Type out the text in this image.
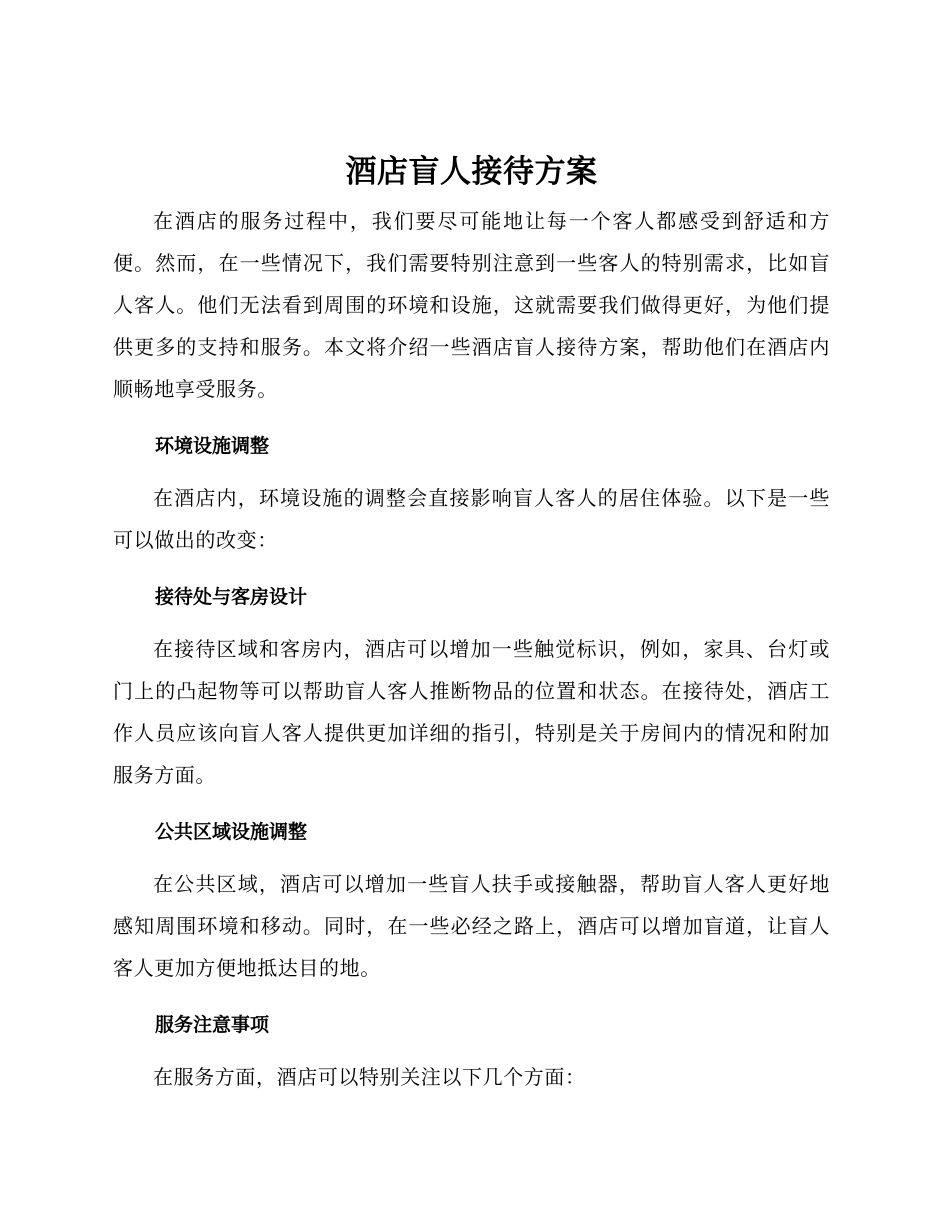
酒店盲人接待方案

在酒店的服务过程中，我们要尽可能地让每一个客人都感受到舒适和方便。然而，在一些情况下，我们需要特别注意到一些客人的特别需求，比如盲人客人。他们无法看到周围的环境和设施，这就需要我们做得更好，为他们提供更多的支持和服务。本文将介绍一些酒店盲人接待方案，帮助他们在酒店内顺畅地享受服务。

环境设施调整

在酒店内，环境设施的调整会直接影响盲人客人的居住体验。以下是一些可以做出的改变：

接待处与客房设计

在接待区域和客房内，酒店可以增加一些触觉标识，例如，家具、台灯或门上的凸起物等可以帮助盲人客人推断物品的位置和状态。在接待处，酒店工作人员应该向盲人客人提供更加详细的指引，特别是关于房间内的情况和附加服务方面。

公共区域设施调整

在公共区域，酒店可以增加一些盲人扶手或接触器，帮助盲人客人更好地感知周围环境和移动。同时，在一些必经之路上，酒店可以增加盲道，让盲人客人更加方便地抵达目的地。

服务注意事项

在服务方面，酒店可以特别关注以下几个方面：
